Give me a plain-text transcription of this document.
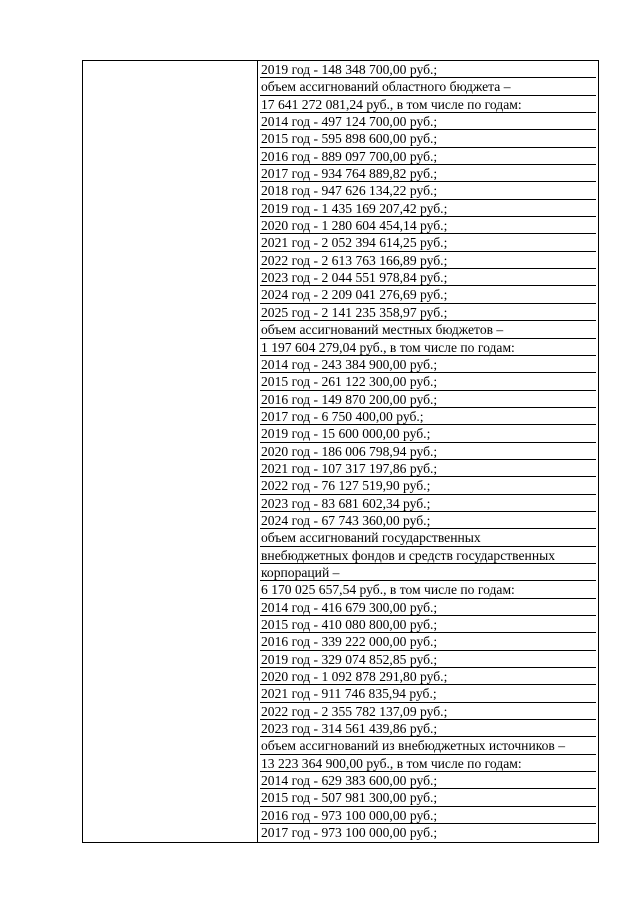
2019 год - 148 348 700,00 руб.;
объем ассигнований областного бюджета –
17 641 272 081,24 руб., в том числе по годам:
2014 год - 497 124 700,00 руб.;
2015 год - 595 898 600,00 руб.;
2016 год - 889 097 700,00 руб.;
2017 год - 934 764 889,82 руб.;
2018 год - 947 626 134,22 руб.;
2019 год - 1 435 169 207,42 руб.;
2020 год - 1 280 604 454,14 руб.;
2021 год - 2 052 394 614,25 руб.;
2022 год - 2 613 763 166,89 руб.;
2023 год - 2 044 551 978,84 руб.;
2024 год - 2 209 041 276,69 руб.;
2025 год - 2 141 235 358,97 руб.;
объем ассигнований местных бюджетов –
1 197 604 279,04 руб., в том числе по годам:
2014 год - 243 384 900,00 руб.;
2015 год - 261 122 300,00 руб.;
2016 год - 149 870 200,00 руб.;
2017 год - 6 750 400,00 руб.;
2019 год - 15 600 000,00 руб.;
2020 год - 186 006 798,94 руб.;
2021 год - 107 317 197,86 руб.;
2022 год - 76 127 519,90 руб.;
2023 год - 83 681 602,34 руб.;
2024 год - 67 743 360,00 руб.;
объем ассигнований государственных
внебюджетных фондов и средств государственных
корпораций –
6 170 025 657,54 руб., в том числе по годам:
2014 год - 416 679 300,00 руб.;
2015 год - 410 080 800,00 руб.;
2016 год - 339 222 000,00 руб.;
2019 год - 329 074 852,85 руб.;
2020 год - 1 092 878 291,80 руб.;
2021 год - 911 746 835,94 руб.;
2022 год - 2 355 782 137,09 руб.;
2023 год - 314 561 439,86 руб.;
объем ассигнований из внебюджетных источников –
13 223 364 900,00 руб., в том числе по годам:
2014 год - 629 383 600,00 руб.;
2015 год - 507 981 300,00 руб.;
2016 год - 973 100 000,00 руб.;
2017 год - 973 100 000,00 руб.;
